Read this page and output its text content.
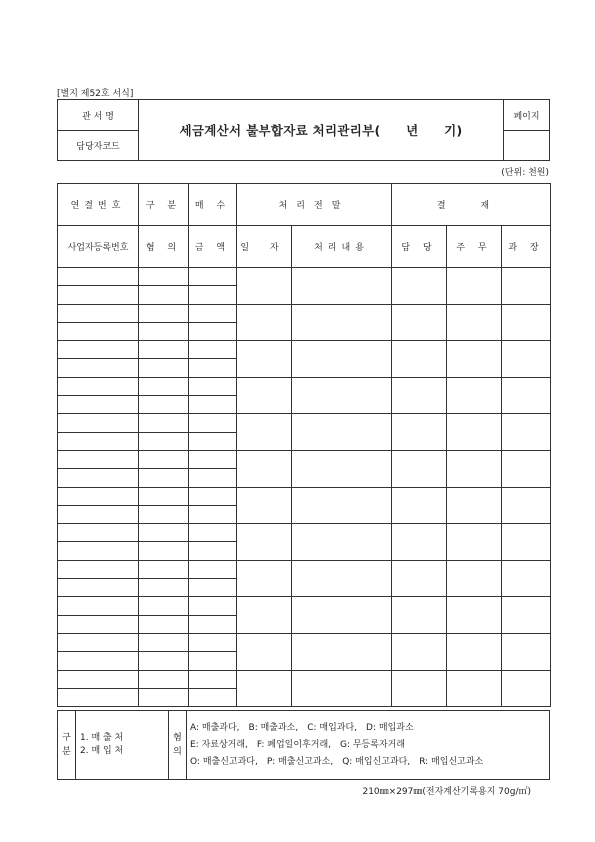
[별지 제52호 서식]
관 서 명	세금계산서 불부합자료 처리관리부(　　년　　기)	페이지
담당자코드		
(단위: 천원)
연결번호	구 분	매 수	처리전말		결 재		
사업자등록번호	혐 의	금 액	일 자	처리내용	담 당	주 무	과 장

구 분	
1. 매 출 처
2. 매 입 처
	혐 의	
A: 매출과다,　B: 매출과소,　C: 매입과다,　D: 매입과소
E: 자료상거래,　F: 폐업일이후거래,　G: 무등록자거래
O: 매출신고과다,　P: 매출신고과소,　Q: 매입신고과다,　R: 매입신고과소
210㎜×297㎜(전자계산기록용지 70g/㎡)
